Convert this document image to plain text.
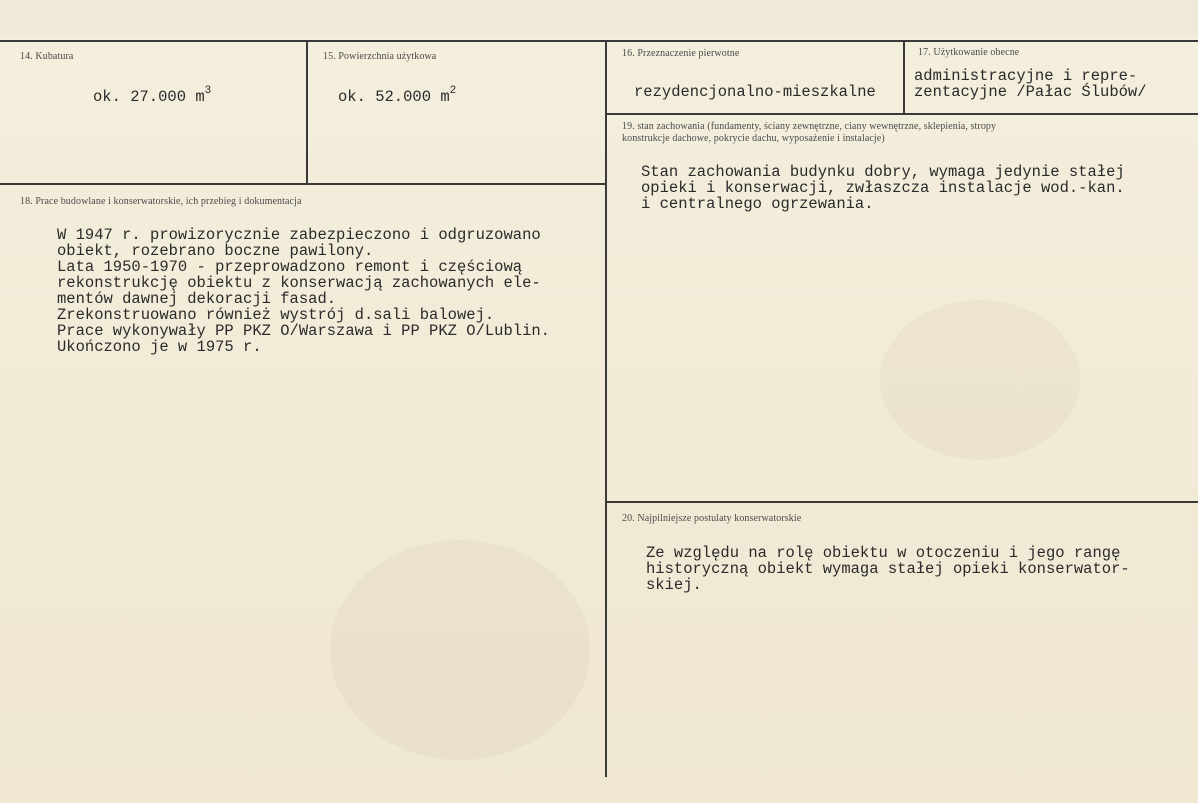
14. Kubatura
ok. 27.000 $m^3$
15. Powierzchnia użytkowa
ok. 52.000 $m^2$
16. Przeznaczenie pierwotne
rezydencjonalno-mieszkalne
17. Użytkowanie obecne
administracyjne i repre-
zentacyjne /Pałac Ślubów/
18. Prace budowlane i konserwatorskie, ich przebieg i dokumentacja
W 1947 r. prowizorycznie zabezpieczono i odgruzowano
obiekt, rozebrano boczne pawilony.
Lata 1950-1970 - przeprowadzono remont i częściową
rekonstrukcję obiektu z konserwacją zachowanych ele-
mentów dawnej dekoracji fasad.
Zrekonstruowano również wystrój d.sali balowej.
Prace wykonywały PP PKZ O/Warszawa i PP PKZ O/Lublin.
Ukończono je w 1975 r.
19. stan zachowania (fundamenty, ściany zewnętrzne, ciany wewnętrzne, sklepienia, stropy
konstrukcje dachowe, pokrycie dachu, wyposażenie i instalacje)
Stan zachowania budynku dobry, wymaga jedynie stałej
opieki i konserwacji, zwłaszcza instalacje wod.-kan.
i centralnego ogrzewania.
20. Najpilniejsze postulaty konserwatorskie
Ze względu na rolę obiektu w otoczeniu i jego rangę
historyczną obiekt wymaga stałej opieki konserwator-
skiej.
